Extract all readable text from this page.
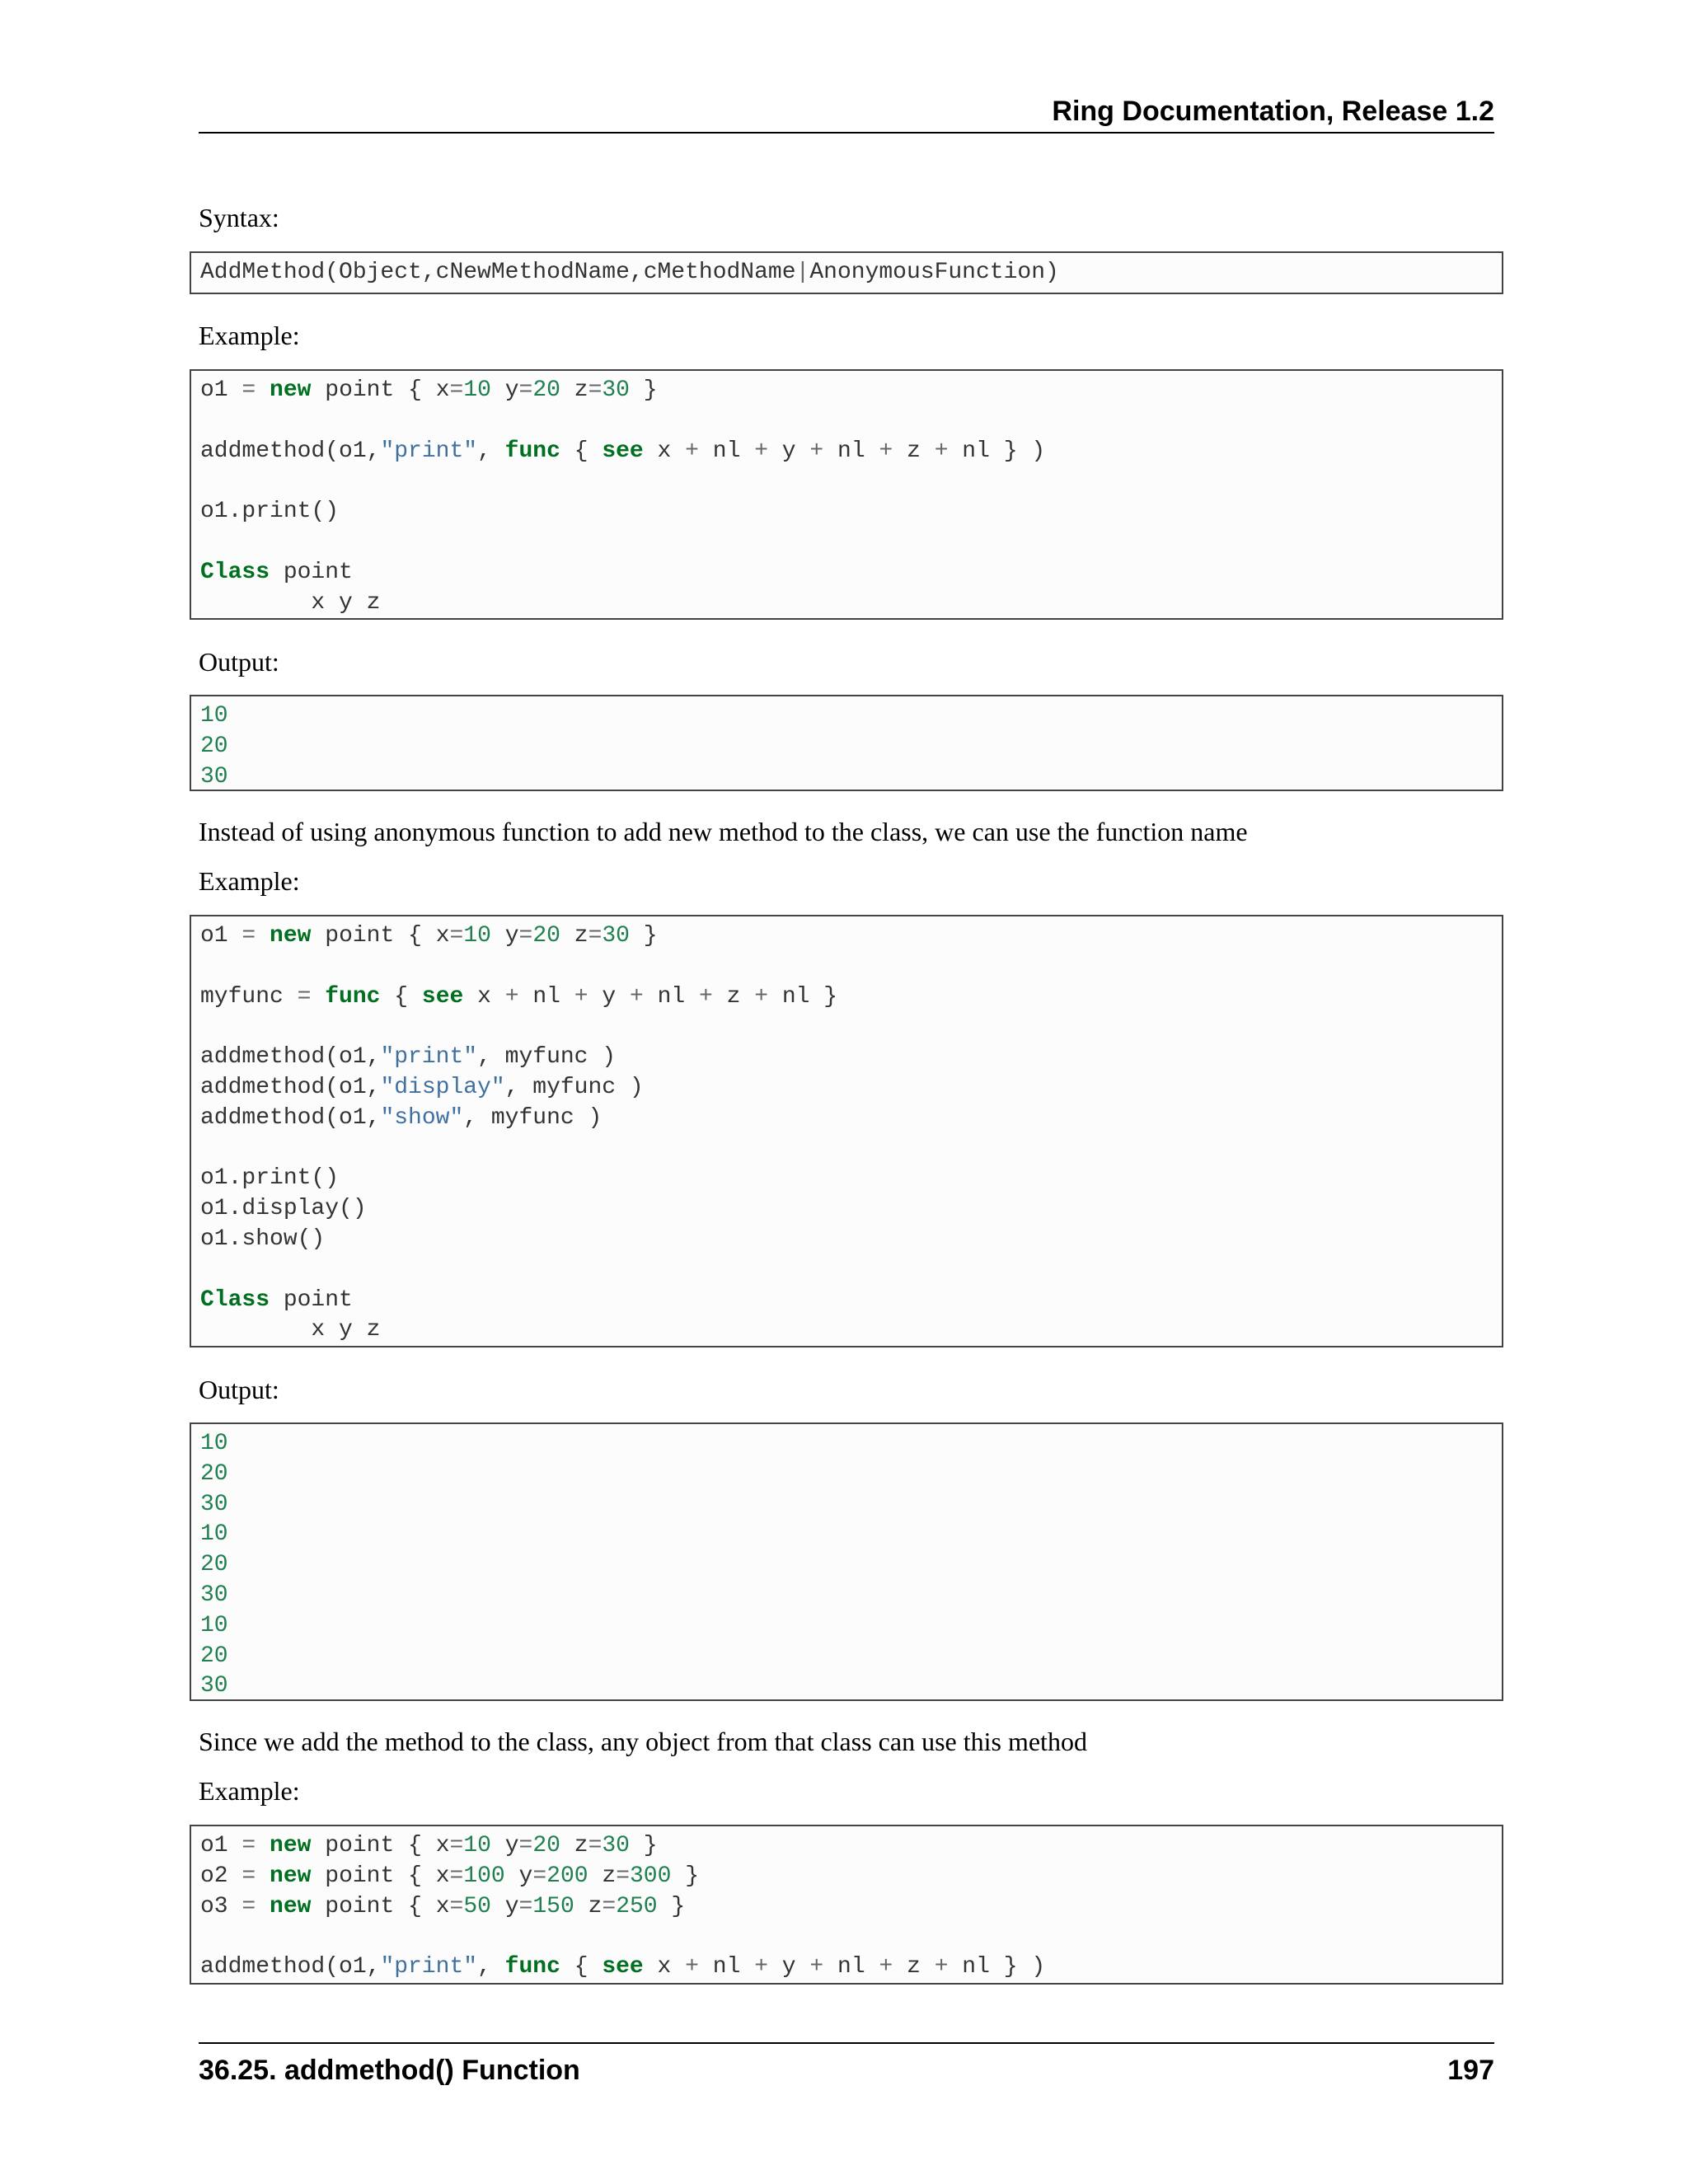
Ring Documentation, Release 1.2
Syntax:
AddMethod(Object,cNewMethodName,cMethodName|AnonymousFunction)
Example:
o1 = new point { x=10 y=20 z=30 }

addmethod(o1,"print", func { see x + nl + y + nl + z + nl } )

o1.print()

Class point
x y z
Output:
10
20
30
Instead of using anonymous function to add new method to the class, we can use the function name
Example:
o1 = new point { x=10 y=20 z=30 }

myfunc = func { see x + nl + y + nl + z + nl }

addmethod(o1,"print", myfunc )
addmethod(o1,"display", myfunc )
addmethod(o1,"show", myfunc )

o1.print()
o1.display()
o1.show()

Class point
x y z
Output:
10
20
30
10
20
30
10
20
30
Since we add the method to the class, any object from that class can use this method
Example:
o1 = new point { x=10 y=20 z=30 }
o2 = new point { x=100 y=200 z=300 }
o3 = new point { x=50 y=150 z=250 }

addmethod(o1,"print", func { see x + nl + y + nl + z + nl } )
36.25. addmethod() Function	197
